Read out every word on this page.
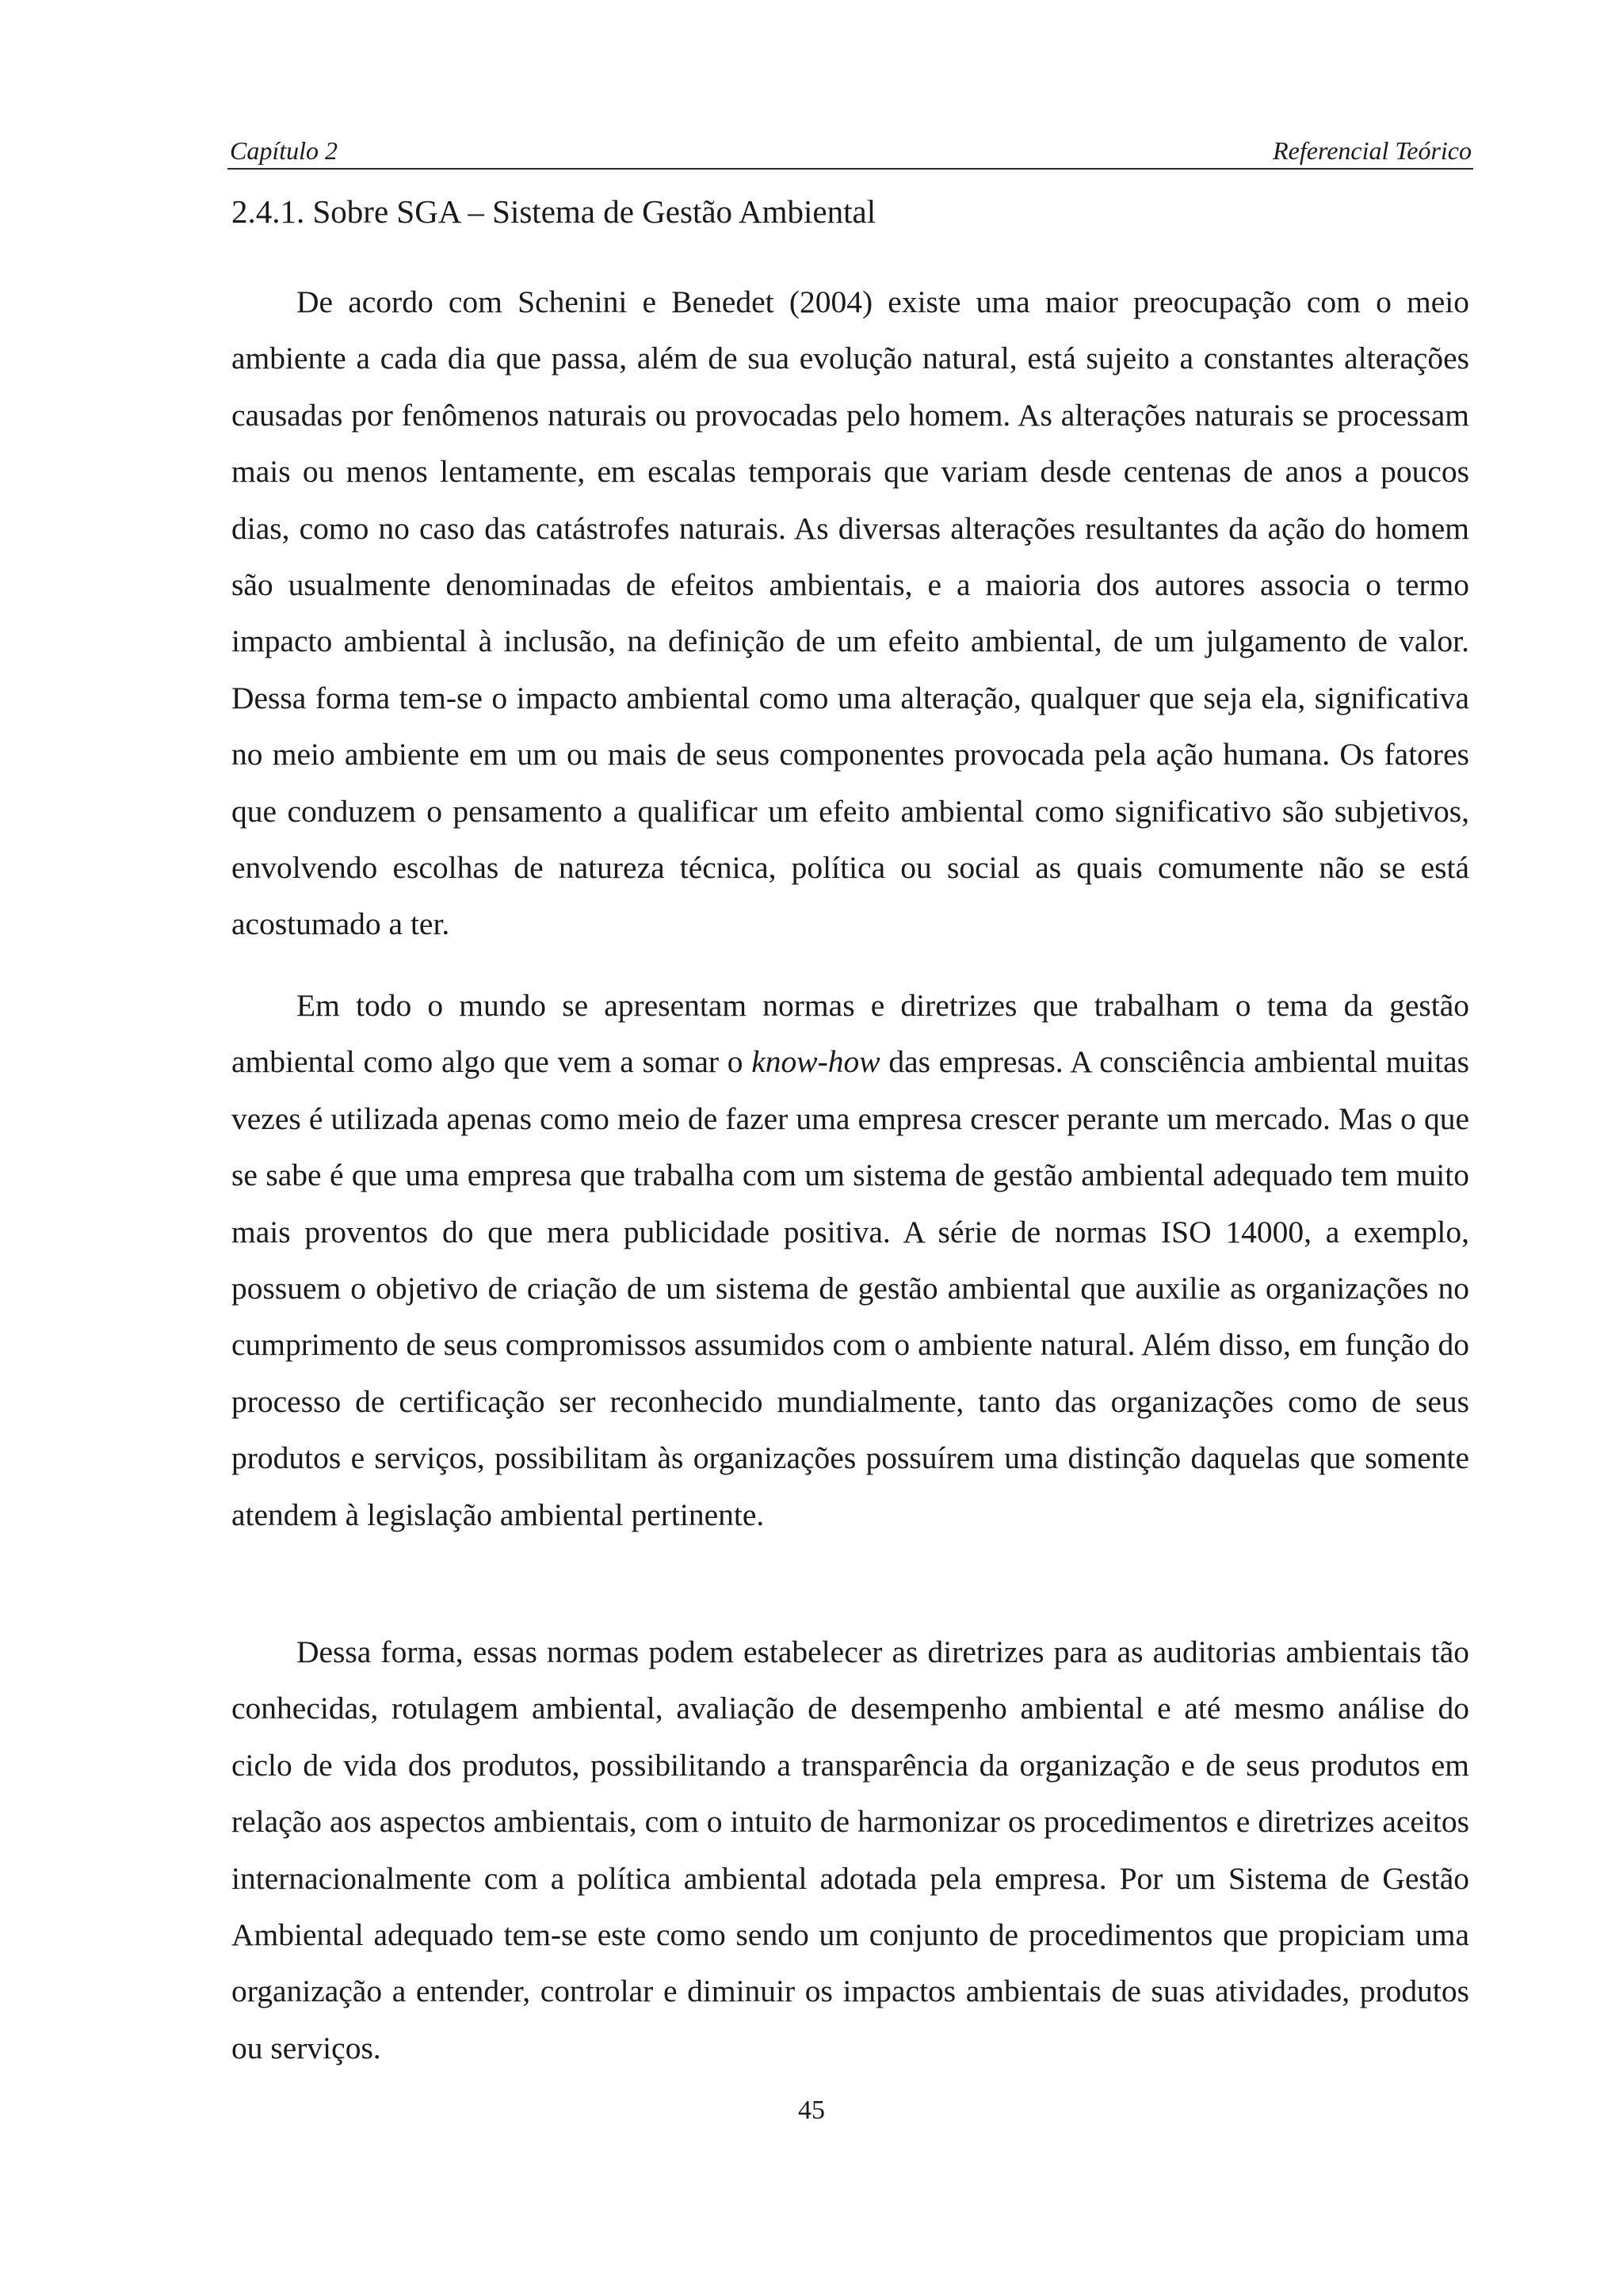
Capítulo 2	Referencial Teórico
2.4.1. Sobre SGA – Sistema de Gestão Ambiental

De acordo com Schenini e Benedet (2004) existe uma maior preocupação com o meio ambiente a cada dia que passa, além de sua evolução natural, está sujeito a constantes alterações causadas por fenômenos naturais ou provocadas pelo homem. As alterações naturais se processam mais ou menos lentamente, em escalas temporais que variam desde centenas de anos a poucos dias, como no caso das catástrofes naturais. As diversas alterações resultantes da ação do homem são usualmente denominadas de efeitos ambientais, e a maioria dos autores associa o termo impacto ambiental à inclusão, na definição de um efeito ambiental, de um julgamento de valor. Dessa forma tem-se o impacto ambiental como uma alteração, qualquer que seja ela, significativa no meio ambiente em um ou mais de seus componentes provocada pela ação humana. Os fatores que conduzem o pensamento a qualificar um efeito ambiental como significativo são subjetivos, envolvendo escolhas de natureza técnica, política ou social as quais comumente não se está acostumado a ter.

Em todo o mundo se apresentam normas e diretrizes que trabalham o tema da gestão ambiental como algo que vem a somar o know-how das empresas. A consciência ambiental muitas vezes é utilizada apenas como meio de fazer uma empresa crescer perante um mercado. Mas o que se sabe é que uma empresa que trabalha com um sistema de gestão ambiental adequado tem muito mais proventos do que mera publicidade positiva. A série de normas ISO 14000, a exemplo, possuem o objetivo de criação de um sistema de gestão ambiental que auxilie as organizações no cumprimento de seus compromissos assumidos com o ambiente natural. Além disso, em função do processo de certificação ser reconhecido mundialmente, tanto das organizações como de seus produtos e serviços, possibilitam às organizações possuírem uma distinção daquelas que somente atendem à legislação ambiental pertinente.

Dessa forma, essas normas podem estabelecer as diretrizes para as auditorias ambientais tão conhecidas, rotulagem ambiental, avaliação de desempenho ambiental e até mesmo análise do ciclo de vida dos produtos, possibilitando a transparência da organização e de seus produtos em relação aos aspectos ambientais, com o intuito de harmonizar os procedimentos e diretrizes aceitos internacionalmente com a política ambiental adotada pela empresa. Por um Sistema de Gestão Ambiental adequado tem-se este como sendo um conjunto de procedimentos que propiciam uma organização a entender, controlar e diminuir os impactos ambientais de suas atividades, produtos ou serviços.

45
